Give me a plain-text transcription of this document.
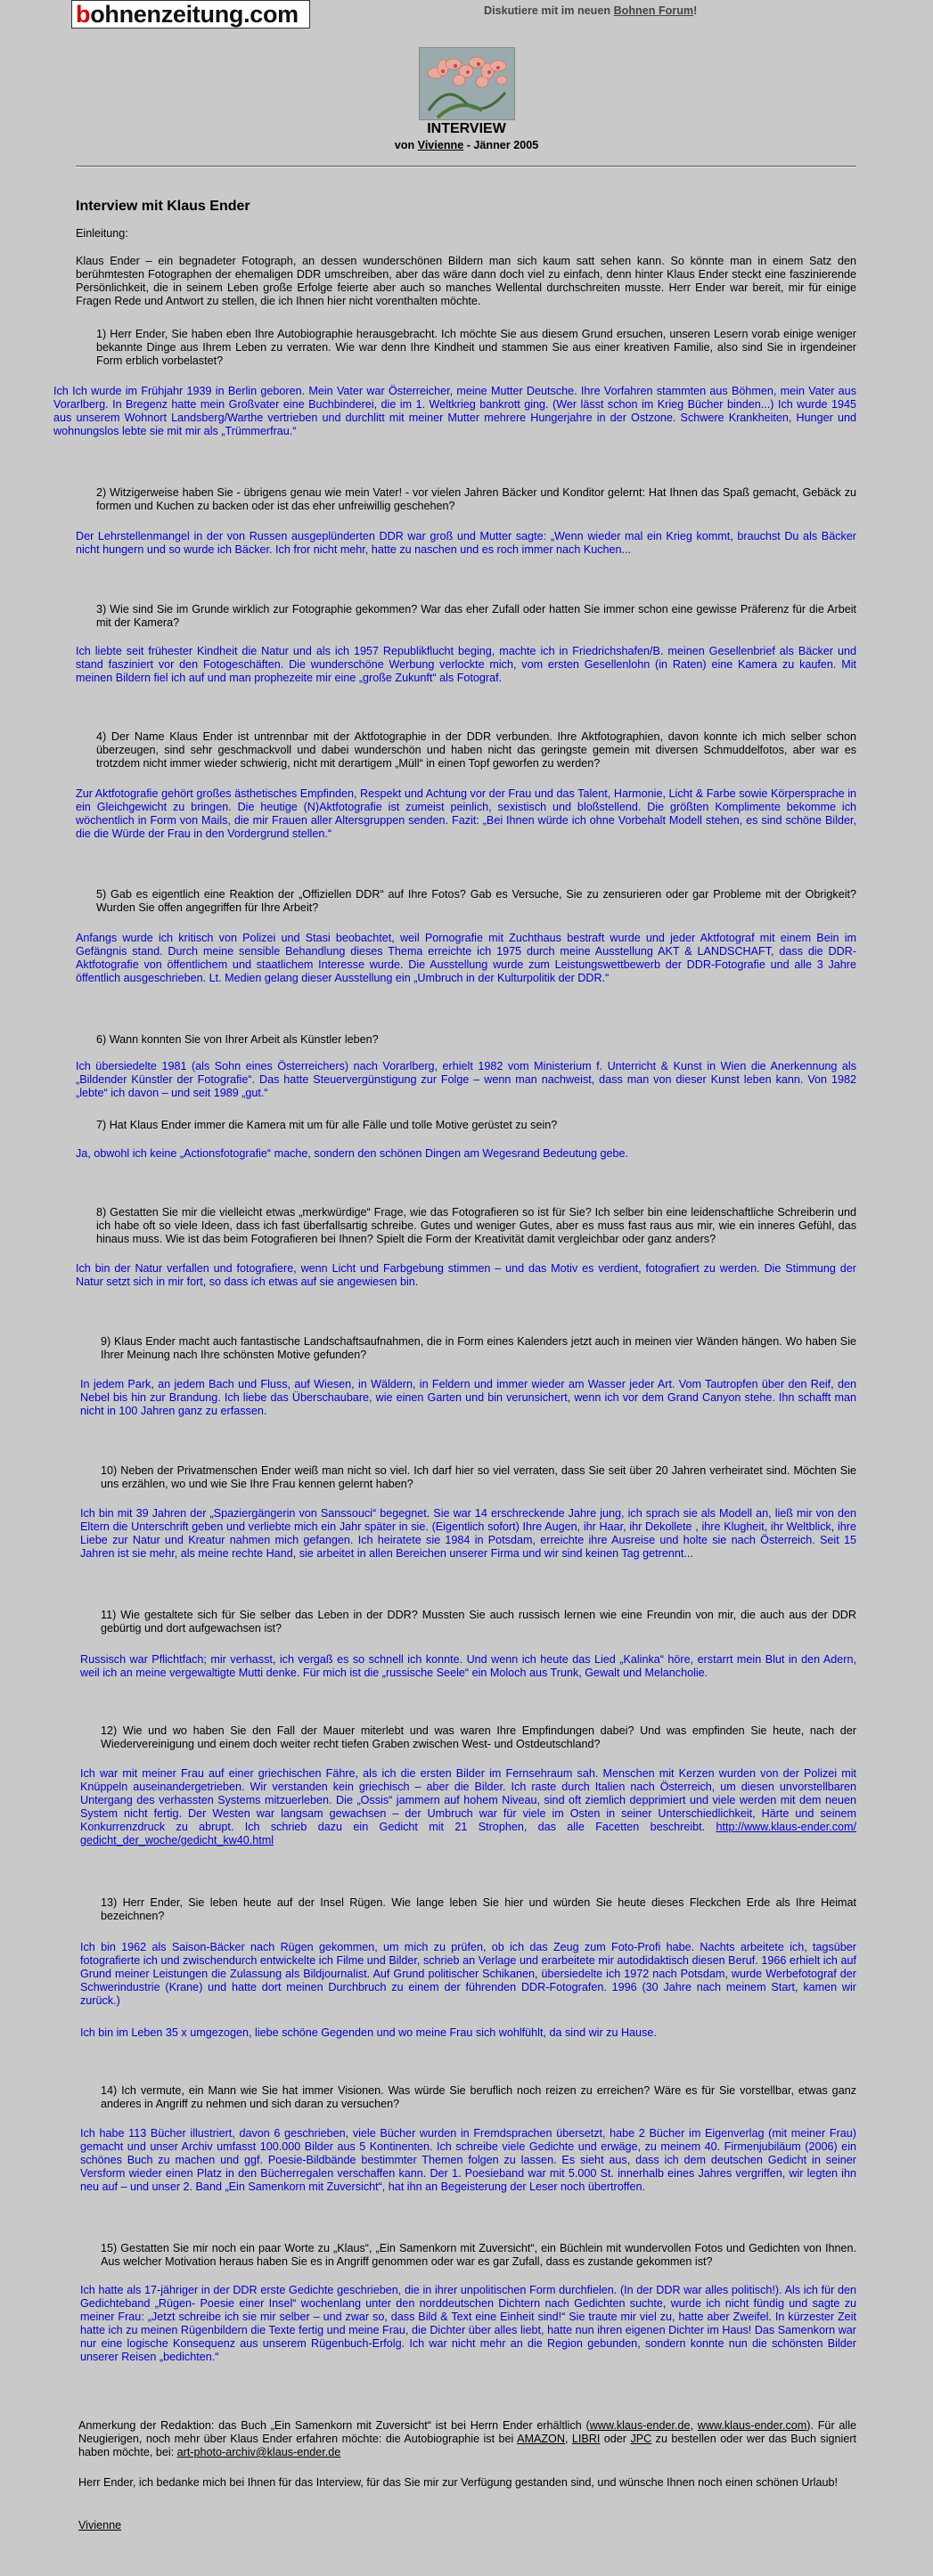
bohnenzeitung.com	Diskutiere mit im neuen Bohnen Forum!
INTERVIEW
von Vivienne - Jänner 2005
Interview mit Klaus Ender
Einleitung:
Klaus Ender – ein begnadeter Fotograph, an dessen wunderschönen Bildern man sich kaum satt sehen kann. So könnte man in einem Satz den berühmtesten Fotographen der ehemaligen DDR umschreiben, aber das wäre dann doch viel zu einfach, denn hinter Klaus Ender steckt eine faszinierende Persönlichkeit, die in seinem Leben große Erfolge feierte aber auch so manches Wellental durchschreiten musste. Herr Ender war bereit, mir für einige Fragen Rede und Antwort zu stellen, die ich Ihnen hier nicht vorenthalten möchte.
1) Herr Ender, Sie haben eben Ihre Autobiographie herausgebracht. Ich möchte Sie aus diesem Grund ersuchen, unseren Lesern vorab einige weniger bekannte Dinge aus Ihrem Leben zu verraten. Wie war denn Ihre Kindheit und stammen Sie aus einer kreativen Familie, also sind Sie in irgendeiner Form erblich vorbelastet?
Ich Ich wurde im Frühjahr 1939 in Berlin geboren. Mein Vater war Österreicher, meine Mutter Deutsche. Ihre Vorfahren stammten aus Böhmen, mein Vater aus Vorarlberg. In Bregenz hatte mein Großvater eine Buchbinderei, die im 1. Weltkrieg bankrott ging. (Wer lässt schon im Krieg Bücher binden...) Ich wurde 1945 aus unserem Wohnort Landsberg/Warthe vertrieben und durchlitt mit meiner Mutter mehrere Hungerjahre in der Ostzone. Schwere Krankheiten, Hunger und wohnungslos lebte sie mit mir als „Trümmerfrau.“
2) Witzigerweise haben Sie - übrigens genau wie mein Vater! - vor vielen Jahren Bäcker und Konditor gelernt: Hat Ihnen das Spaß gemacht, Gebäck zu formen und Kuchen zu backen oder ist das eher unfreiwillig geschehen?
Der Lehrstellenmangel in der von Russen ausgeplünderten DDR war groß und Mutter sagte: „Wenn wieder mal ein Krieg kommt, brauchst Du als Bäcker nicht hungern und so wurde ich Bäcker. Ich fror nicht mehr, hatte zu naschen und es roch immer nach Kuchen...
3) Wie sind Sie im Grunde wirklich zur Fotographie gekommen? War das eher Zufall oder hatten Sie immer schon eine gewisse Präferenz für die Arbeit mit der Kamera?
Ich liebte seit frühester Kindheit die Natur und als ich 1957 Republikflucht beging, machte ich in Friedrichshafen/B. meinen Gesellenbrief als Bäcker und stand fasziniert vor den Fotogeschäften. Die wunderschöne Werbung verlockte mich, vom ersten Gesellenlohn (in Raten) eine Kamera zu kaufen. Mit meinen Bildern fiel ich auf und man prophezeite mir eine „große Zukunft“ als Fotograf.
4) Der Name Klaus Ender ist untrennbar mit der Aktfotographie in der DDR verbunden. Ihre Aktfotographien, davon konnte ich mich selber schon überzeugen, sind sehr geschmackvoll und dabei wunderschön und haben nicht das geringste gemein mit diversen Schmuddelfotos, aber war es trotzdem nicht immer wieder schwierig, nicht mit derartigem „Müll“ in einen Topf geworfen zu werden?
Zur Aktfotografie gehört großes ästhetisches Empfinden, Respekt und Achtung vor der Frau und das Talent, Harmonie, Licht & Farbe sowie Körpersprache in ein Gleichgewicht zu bringen. Die heutige (N)Aktfotografie ist zumeist peinlich, sexistisch und bloßstellend. Die größten Komplimente bekomme ich wöchentlich in Form von Mails, die mir Frauen aller Altersgruppen senden. Fazit: „Bei Ihnen würde ich ohne Vorbehalt Modell stehen, es sind schöne Bilder, die die Würde der Frau in den Vordergrund stellen.“
5) Gab es eigentlich eine Reaktion der „Offiziellen DDR“ auf Ihre Fotos? Gab es Versuche, Sie zu zensurieren oder gar Probleme mit der Obrigkeit? Wurden Sie offen angegriffen für Ihre Arbeit?
Anfangs wurde ich kritisch von Polizei und Stasi beobachtet, weil Pornografie mit Zuchthaus bestraft wurde und jeder Aktfotograf mit einem Bein im Gefängnis stand. Durch meine sensible Behandlung dieses Thema erreichte ich 1975 durch meine Ausstellung AKT & LANDSCHAFT, dass die DDR-Aktfotografie von öffentlichem und staatlichem Interesse wurde. Die Ausstellung wurde zum Leistungswettbewerb der DDR-Fotografie und alle 3 Jahre öffentlich ausgeschrieben. Lt. Medien gelang dieser Ausstellung ein „Umbruch in der Kulturpolitik der DDR.“
6) Wann konnten Sie von Ihrer Arbeit als Künstler leben?
Ich übersiedelte 1981 (als Sohn eines Österreichers) nach Vorarlberg, erhielt 1982 vom Ministerium f. Unterricht & Kunst in Wien die Anerkennung als „Bildender Künstler der Fotografie“. Das hatte Steuervergünstigung zur Folge – wenn man nachweist, dass man von dieser Kunst leben kann. Von 1982 „lebte“ ich davon – und seit 1989 „gut.“
7) Hat Klaus Ender immer die Kamera mit um für alle Fälle und tolle Motive gerüstet zu sein?
Ja, obwohl ich keine „Actionsfotografie“ mache, sondern den schönen Dingen am Wegesrand Bedeutung gebe.
8) Gestatten Sie mir die vielleicht etwas „merkwürdige“ Frage, wie das Fotografieren so ist für Sie? Ich selber bin eine leidenschaftliche Schreiberin und ich habe oft so viele Ideen, dass ich fast überfallsartig schreibe. Gutes und weniger Gutes, aber es muss fast raus aus mir, wie ein inneres Gefühl, das hinaus muss. Wie ist das beim Fotografieren bei Ihnen? Spielt die Form der Kreativität damit vergleichbar oder ganz anders?
Ich bin der Natur verfallen und fotografiere, wenn Licht und Farbgebung stimmen – und das Motiv es verdient, fotografiert zu werden. Die Stimmung der Natur setzt sich in mir fort, so dass ich etwas auf sie angewiesen bin.
9) Klaus Ender macht auch fantastische Landschaftsaufnahmen, die in Form eines Kalenders jetzt auch in meinen vier Wänden hängen. Wo haben Sie Ihrer Meinung nach Ihre schönsten Motive gefunden?
In jedem Park, an jedem Bach und Fluss, auf Wiesen, in Wäldern, in Feldern und immer wieder am Wasser jeder Art. Vom Tautropfen über den Reif, den Nebel bis hin zur Brandung. Ich liebe das Überschaubare, wie einen Garten und bin verunsichert, wenn ich vor dem Grand Canyon stehe. Ihn schafft man nicht in 100 Jahren ganz zu erfassen.
10) Neben der Privatmenschen Ender weiß man nicht so viel. Ich darf hier so viel verraten, dass Sie seit über 20 Jahren verheiratet sind. Möchten Sie uns erzählen, wo und wie Sie Ihre Frau kennen gelernt haben?
Ich bin mit 39 Jahren der „Spaziergängerin von Sanssouci“ begegnet. Sie war 14 erschreckende Jahre jung, ich sprach sie als Modell an, ließ mir von den Eltern die Unterschrift geben und verliebte mich ein Jahr später in sie. (Eigentlich sofort) Ihre Augen, ihr Haar, ihr Dekollete , ihre Klugheit, ihr Weltblick, ihre Liebe zur Natur und Kreatur nahmen mich gefangen. Ich heiratete sie 1984 in Potsdam, erreichte ihre Ausreise und holte sie nach Österreich. Seit 15 Jahren ist sie mehr, als meine rechte Hand, sie arbeitet in allen Bereichen unserer Firma und wir sind keinen Tag getrennt...
11) Wie gestaltete sich für Sie selber das Leben in der DDR? Mussten Sie auch russisch lernen wie eine Freundin von mir, die auch aus der DDR gebürtig und dort aufgewachsen ist?
Russisch war Pflichtfach; mir verhasst, ich vergaß es so schnell ich konnte. Und wenn ich heute das Lied „Kalinka“ höre, erstarrt mein Blut in den Adern, weil ich an meine vergewaltigte Mutti denke. Für mich ist die „russische Seele“ ein Moloch aus Trunk, Gewalt und Melancholie.
12) Wie und wo haben Sie den Fall der Mauer miterlebt und was waren Ihre Empfindungen dabei? Und was empfinden Sie heute, nach der Wiedervereinigung und einem doch weiter recht tiefen Graben zwischen West- und Ostdeutschland?
Ich war mit meiner Frau auf einer griechischen Fähre, als ich die ersten Bilder im Fernsehraum sah. Menschen mit Kerzen wurden von der Polizei mit Knüppeln auseinandergetrieben. Wir verstanden kein griechisch – aber die Bilder. Ich raste durch Italien nach Österreich, um diesen unvorstellbaren Untergang des verhassten Systems mitzuerleben. Die „Ossis“ jammern auf hohem Niveau, sind oft ziemlich depprimiert und viele werden mit dem neuen System nicht fertig. Der Westen war langsam gewachsen – der Umbruch war für viele im Osten in seiner Unterschiedlichkeit, Härte und seinem Konkurrenzdruck zu abrupt. Ich schrieb dazu ein Gedicht mit 21 Strophen, das alle Facetten beschreibt. http://www.klaus-ender.com/ gedicht_der_woche/gedicht_kw40.html
13) Herr Ender, Sie leben heute auf der Insel Rügen. Wie lange leben Sie hier und würden Sie heute dieses Fleckchen Erde als Ihre Heimat bezeichnen?
Ich bin 1962 als Saison-Bäcker nach Rügen gekommen, um mich zu prüfen, ob ich das Zeug zum Foto-Profi habe. Nachts arbeitete ich, tagsüber fotografierte ich und zwischendurch entwickelte ich Filme und Bilder, schrieb an Verlage und erarbeitete mir autodidaktisch diesen Beruf. 1966 erhielt ich auf Grund meiner Leistungen die Zulassung als Bildjournalist. Auf Grund politischer Schikanen, übersiedelte ich 1972 nach Potsdam, wurde Werbefotograf der Schwerindustrie (Krane) und hatte dort meinen Durchbruch zu einem der führenden DDR-Fotografen. 1996 (30 Jahre nach meinem Start, kamen wir zurück.)
Ich bin im Leben 35 x umgezogen, liebe schöne Gegenden und wo meine Frau sich wohlfühlt, da sind wir zu Hause.
14) Ich vermute, ein Mann wie Sie hat immer Visionen. Was würde Sie beruflich noch reizen zu erreichen? Wäre es für Sie vorstellbar, etwas ganz anderes in Angriff zu nehmen und sich daran zu versuchen?
Ich habe 113 Bücher illustriert, davon 6 geschrieben, viele Bücher wurden in Fremdsprachen übersetzt, habe 2 Bücher im Eigenverlag (mit meiner Frau) gemacht und unser Archiv umfasst 100.000 Bilder aus 5 Kontinenten. Ich schreibe viele Gedichte und erwäge, zu meinem 40. Firmenjubiläum (2006) ein schönes Buch zu machen und ggf. Poesie-Bildbände bestimmter Themen folgen zu lassen. Es sieht aus, dass ich dem deutschen Gedicht in seiner Versform wieder einen Platz in den Bücherregalen verschaffen kann. Der 1. Poesieband war mit 5.000 St. innerhalb eines Jahres vergriffen, wir legten ihn neu auf – und unser 2. Band „Ein Samenkorn mit Zuversicht“, hat ihn an Begeisterung der Leser noch übertroffen.
15) Gestatten Sie mir noch ein paar Worte zu „Klaus“, „Ein Samenkorn mit Zuversicht“, ein Büchlein mit wundervollen Fotos und Gedichten von Ihnen. Aus welcher Motivation heraus haben Sie es in Angriff genommen oder war es gar Zufall, dass es zustande gekommen ist?
Ich hatte als 17-jähriger in der DDR erste Gedichte geschrieben, die in ihrer unpolitischen Form durchfielen. (In der DDR war alles politisch!). Als ich für den Gedichteband „Rügen- Poesie einer Insel“ wochenlang unter den norddeutschen Dichtern nach Gedichten suchte, wurde ich nicht fündig und sagte zu meiner Frau: „Jetzt schreibe ich sie mir selber – und zwar so, dass Bild & Text eine Einheit sind!“ Sie traute mir viel zu, hatte aber Zweifel. In kürzester Zeit hatte ich zu meinen Rügenbildern die Texte fertig und meine Frau, die Dichter über alles liebt, hatte nun ihren eigenen Dichter im Haus! Das Samenkorn war nur eine logische Konsequenz aus unserem Rügenbuch-Erfolg. Ich war nicht mehr an die Region gebunden, sondern konnte nun die schönsten Bilder unserer Reisen „bedichten.“
Anmerkung der Redaktion: das Buch „Ein Samenkorn mit Zuversicht“ ist bei Herrn Ender erhältlich (www.klaus-ender.de, www.klaus-ender.com). Für alle Neugierigen, noch mehr über Klaus Ender erfahren möchte: die Autobiographie ist bei AMAZON, LIBRI oder JPC zu bestellen oder wer das Buch signiert haben möchte, bei: art-photo-archiv@klaus-ender.de
Herr Ender, ich bedanke mich bei Ihnen für das Interview, für das Sie mir zur Verfügung gestanden sind, und wünsche Ihnen noch einen schönen Urlaub!
Vivienne
